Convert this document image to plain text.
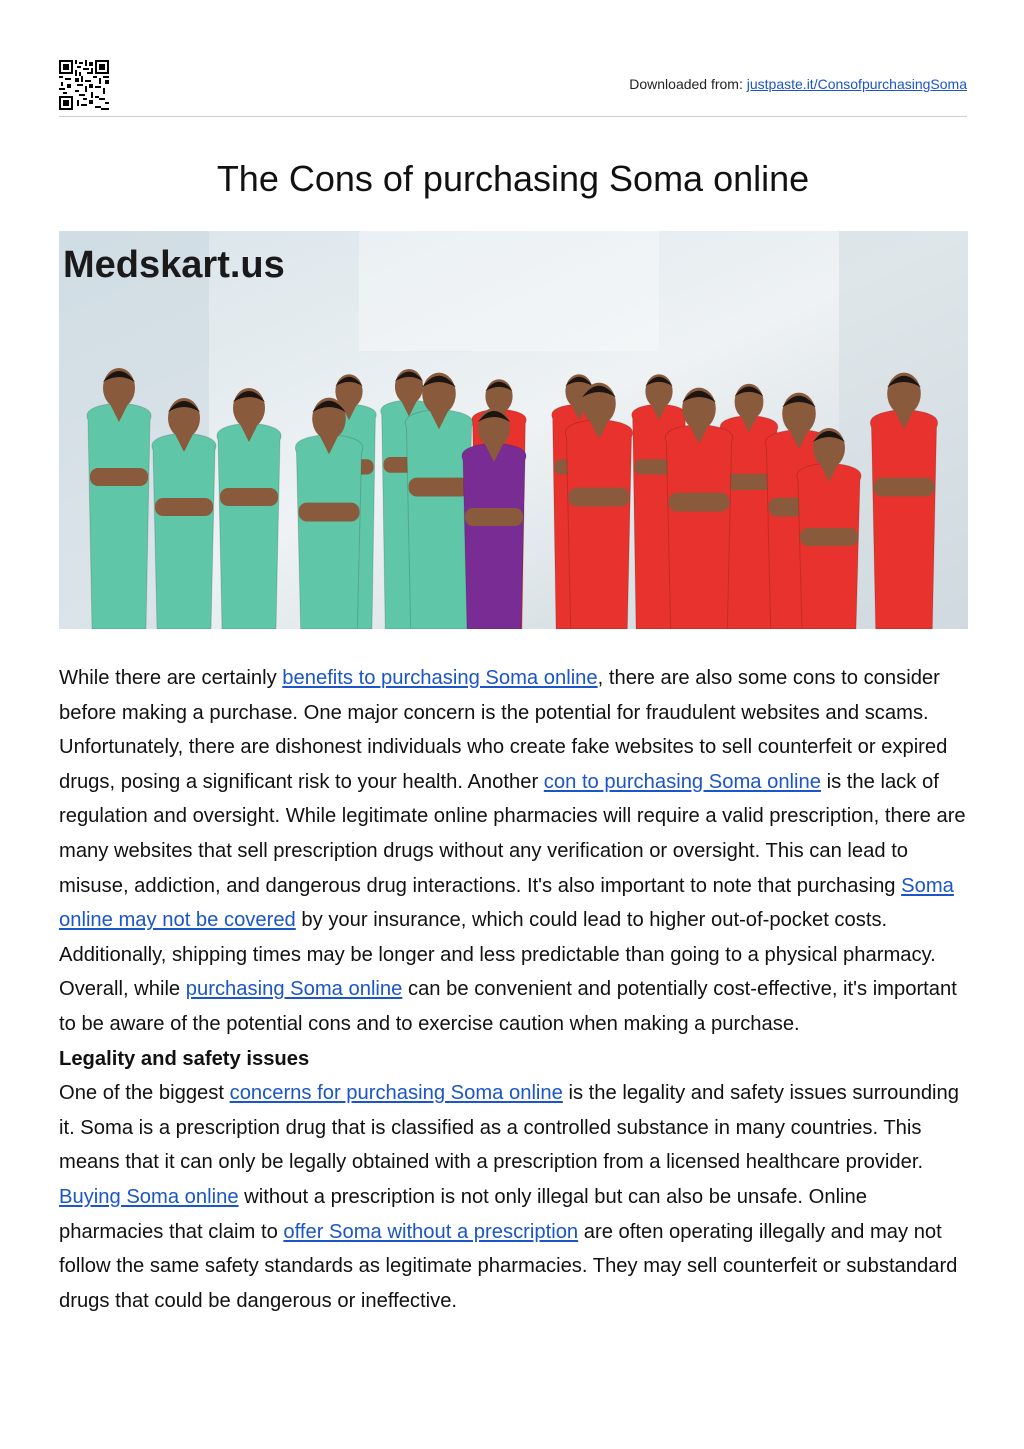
Downloaded from: justpaste.it/ConsofpurchasingSoma
The Cons of purchasing Soma online
Medskart.us

While there are certainly benefits to purchasing Soma online, there are also some cons to consider before making a purchase. One major concern is the potential for fraudulent websites and scams. Unfortunately, there are dishonest individuals who create fake websites to sell counterfeit or expired drugs, posing a significant risk to your health. Another con to purchasing Soma online is the lack of regulation and oversight. While legitimate online pharmacies will require a valid prescription, there are many websites that sell prescription drugs without any verification or oversight. This can lead to misuse, addiction, and dangerous drug interactions. It's also important to note that purchasing Soma online may not be covered by your insurance, which could lead to higher out-of-pocket costs. Additionally, shipping times may be longer and less predictable than going to a physical pharmacy. Overall, while purchasing Soma online can be convenient and potentially cost-effective, it's important to be aware of the potential cons and to exercise caution when making a purchase.

Legality and safety issues

One of the biggest concerns for purchasing Soma online is the legality and safety issues surrounding it. Soma is a prescription drug that is classified as a controlled substance in many countries. This means that it can only be legally obtained with a prescription from a licensed healthcare provider. Buying Soma online without a prescription is not only illegal but can also be unsafe. Online pharmacies that claim to offer Soma without a prescription are often operating illegally and may not follow the same safety standards as legitimate pharmacies. They may sell counterfeit or substandard drugs that could be dangerous or ineffective.
